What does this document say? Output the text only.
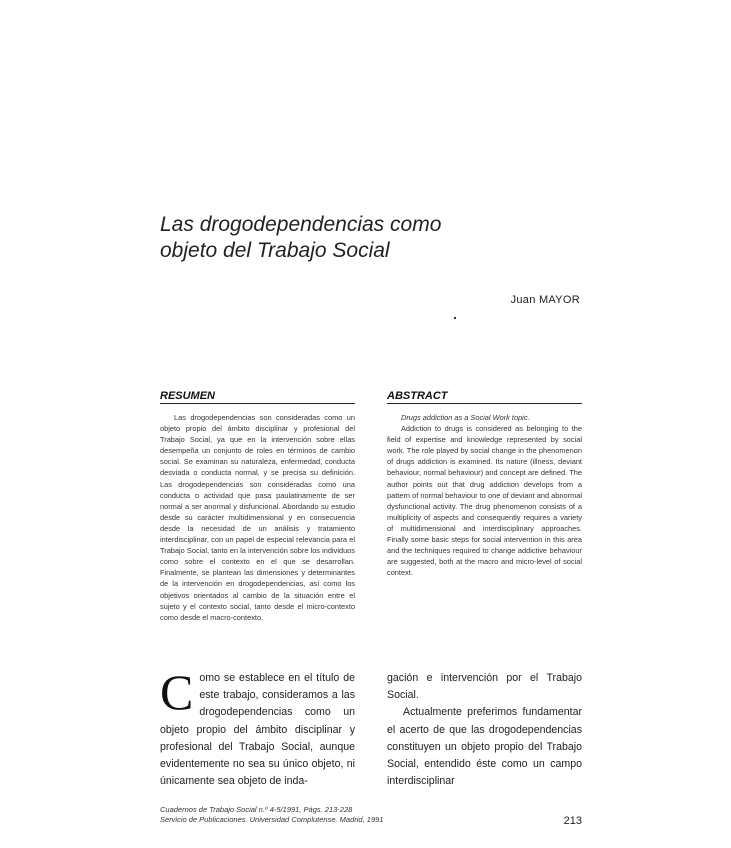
Las drogodependencias como
objeto del Trabajo Social
Juan MAYOR
RESUMEN

Las drogodependencias son consideradas como un objeto propio del ámbito disciplinar y profesional del Trabajo Social, ya que en la intervención sobre ellas desempeña un conjunto de roles en términos de cambio social. Se examinan su naturaleza, enfermedad, conducta desviada o conducta normal, y se precisa su definición. Las drogodependencias son consideradas como una conducta o actividad que pasa paulatinamente de ser normal a ser anormal y disfuncional. Abordando su estudio desde su carácter multidimensional y en consecuencia desde la necesidad de un análisis y tratamiento interdisciplinar, con un papel de especial relevancia para el Trabajo Social, tanto en la intervención sobre los individuos como sobre el contexto en el que se desarrollan. Finalmente, se plantean las dimensiones y determinantes de la intervención en drogodependencias, así como los objetivos orientados al cambio de la situación entre el sujeto y el contexto social, tanto desde el micro-contexto como desde el macro-contexto.

ABSTRACT

Drugs addiction as a Social Work topic.

Addiction to drugs is considered as belonging to the field of expertise and knowledge represented by social work. The role played by social change in the phenomenon of drugs addiction is examined. Its nature (illness, deviant behaviour, normal behaviour) and concept are defined. The author points out that drug addiction develops from a pattern of normal behaviour to one of deviant and abnormal dysfunctional activity. The drug phenomenon consists of a multiplicity of aspects and consequently requires a variety of multidimensional and interdisciplinary approaches. Finally some basic steps for social intervention in this area and the techniques required to change addictive behaviour are suggested, both at the macro and micro-level of social context.

Como se establece en el título de este trabajo, consideramos a las drogodependencias como un objeto propio del ámbito disciplinar y profesional del Trabajo Social, aunque evidentemente no sea su único objeto, ni únicamente sea objeto de inda-

gación e intervención por el Trabajo Social.

Actualmente preferimos fundamentar el acerto de que las drogodependencias constituyen un objeto propio del Trabajo Social, entendido éste como un campo interdisciplinar

Cuadernos de Trabajo Social n.º 4-5/1991, Págs. 213-228
Servicio de Publicaciones. Universidad Complutense. Madrid, 1991	213
